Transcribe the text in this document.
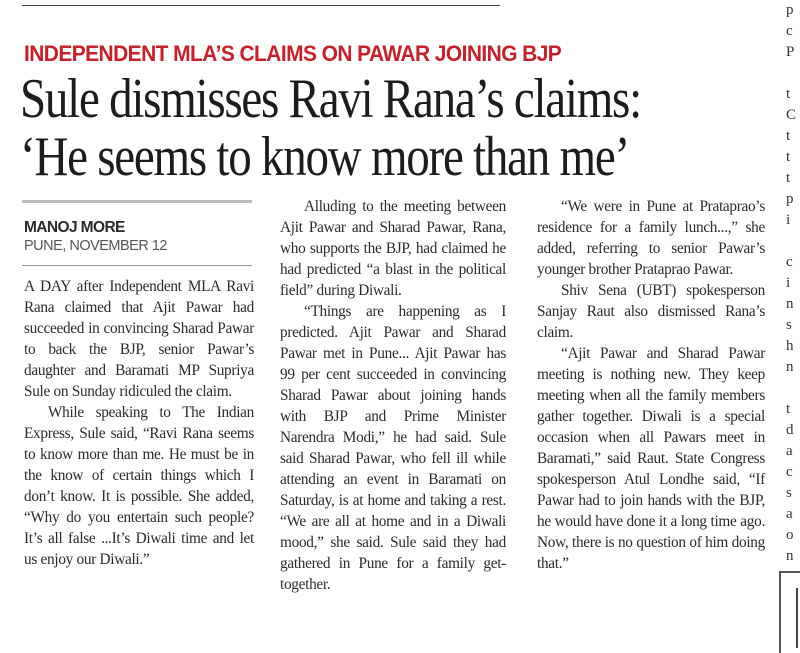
INDEPENDENT MLA’S CLAIMS ON PAWAR JOINING BJP
Sule dismisses Ravi Rana’s claims:
‘He seems to know more than me’
MANOJ MORE
PUNE, NOVEMBER 12

A DAY after Independent MLA Ravi Rana claimed that Ajit Pawar had succeeded in convincing Sharad Pawar to back the BJP, senior Pawar’s daughter and Baramati MP Supriya Sule on Sunday ridiculed the claim.

While speaking to The Indian Express, Sule said, “Ravi Rana seems to know more than me. He must be in the know of certain things which I don’t know. It is possible. She added, “Why do you entertain such people? It’s all false ...It’s Diwali time and let us enjoy our Diwali.”

Alluding to the meeting between Ajit Pawar and Sharad Pawar, Rana, who supports the BJP, had claimed he had predicted “a blast in the political field” during Diwali.

“Things are happening as I predicted. Ajit Pawar and Sharad Pawar met in Pune... Ajit Pawar has 99 per cent succeeded in convincing Sharad Pawar about joining hands with BJP and Prime Minister Narendra Modi,” he had said. Sule said Sharad Pawar, who fell ill while attending an event in Baramati on Saturday, is at home and taking a rest. “We are all at home and in a Diwali mood,” she said. Sule said they had gathered in Pune for a family get-together.

“We were in Pune at Prataprao’s residence for a family lunch...,” she added, referring to senior Pawar’s younger brother Prataprao Pawar.

Shiv Sena (UBT) spokesperson Sanjay Raut also dismissed Rana’s claim.

“Ajit Pawar and Sharad Pawar meeting is nothing new. They keep meeting when all the family members gather together. Diwali is a special occasion when all Pawars meet in Baramati,” said Raut. State Congress spokesperson Atul Londhe said, “If Pawar had to join hands with the BJP, he would have done it a long time ago. Now, there is no question of him doing that.”

p
c
P
t
C
t
t
t
p
i
c
i
n
s
h
n
t
d
a
c
s
a
o
n
